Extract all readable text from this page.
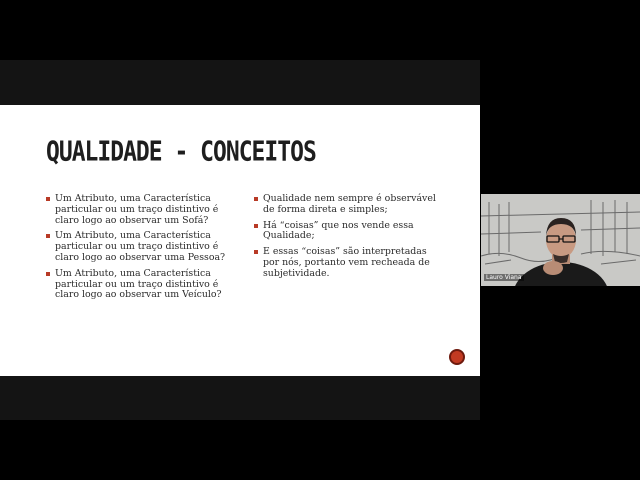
QUALIDADE - CONCEITOS
Um Atributo, uma Característica particular ou um traço distintivo é claro logo ao observar um Sofá?
Um Atributo, uma Característica particular ou um traço distintivo é claro logo ao observar uma Pessoa?
Um Atributo, uma Característica particular ou um traço distintivo é claro logo ao observar um Veículo?
Qualidade nem sempre é observável de forma direta e simples;
Há “coisas” que nos vende essa Qualidade;
E essas “coisas” são interpretadas por nós, portanto vem recheada de subjetividade.	Lauro Viana
